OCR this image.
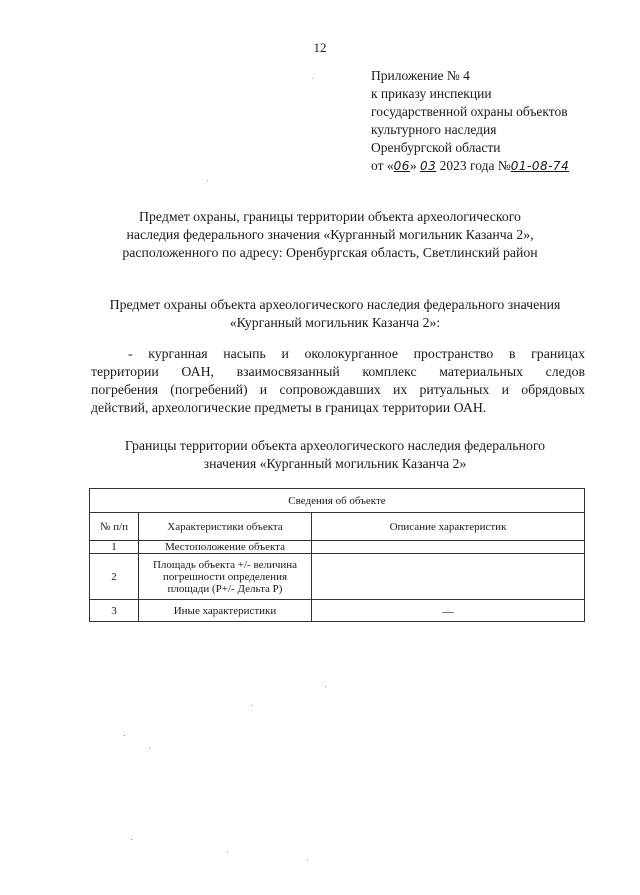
12
Приложение № 4
к приказу инспекции
государственной охраны объектов
культурного наследия
Оренбургской области
от «06» 03 2023 года №01-08-74
Предмет охраны, границы территории объекта археологического
наследия федерального значения «Курганный могильник Казанча 2»,
расположенного по адресу: Оренбургская область, Светлинский район
Предмет охраны объекта археологического наследия федерального значения
«Курганный могильник Казанча 2»:
- курганная насыпь и околокурганное пространство в границах
территории ОАН, взаимосвязанный комплекс материальных следов
погребения (погребений) и сопровождавших их ритуальных и обрядовых
действий, археологические предметы в границах территории ОАН.
Границы территории объекта археологического наследия федерального
значения «Курганный могильник Казанча 2»
Сведения об объекте		
№ п/п	Характеристики объекта	Описание характеристик
1	Местоположение объекта	
2	Площадь объекта +/- величина
погрешности определения
площади (P+/- Дельта P)	

3	Иные характеристики	—
